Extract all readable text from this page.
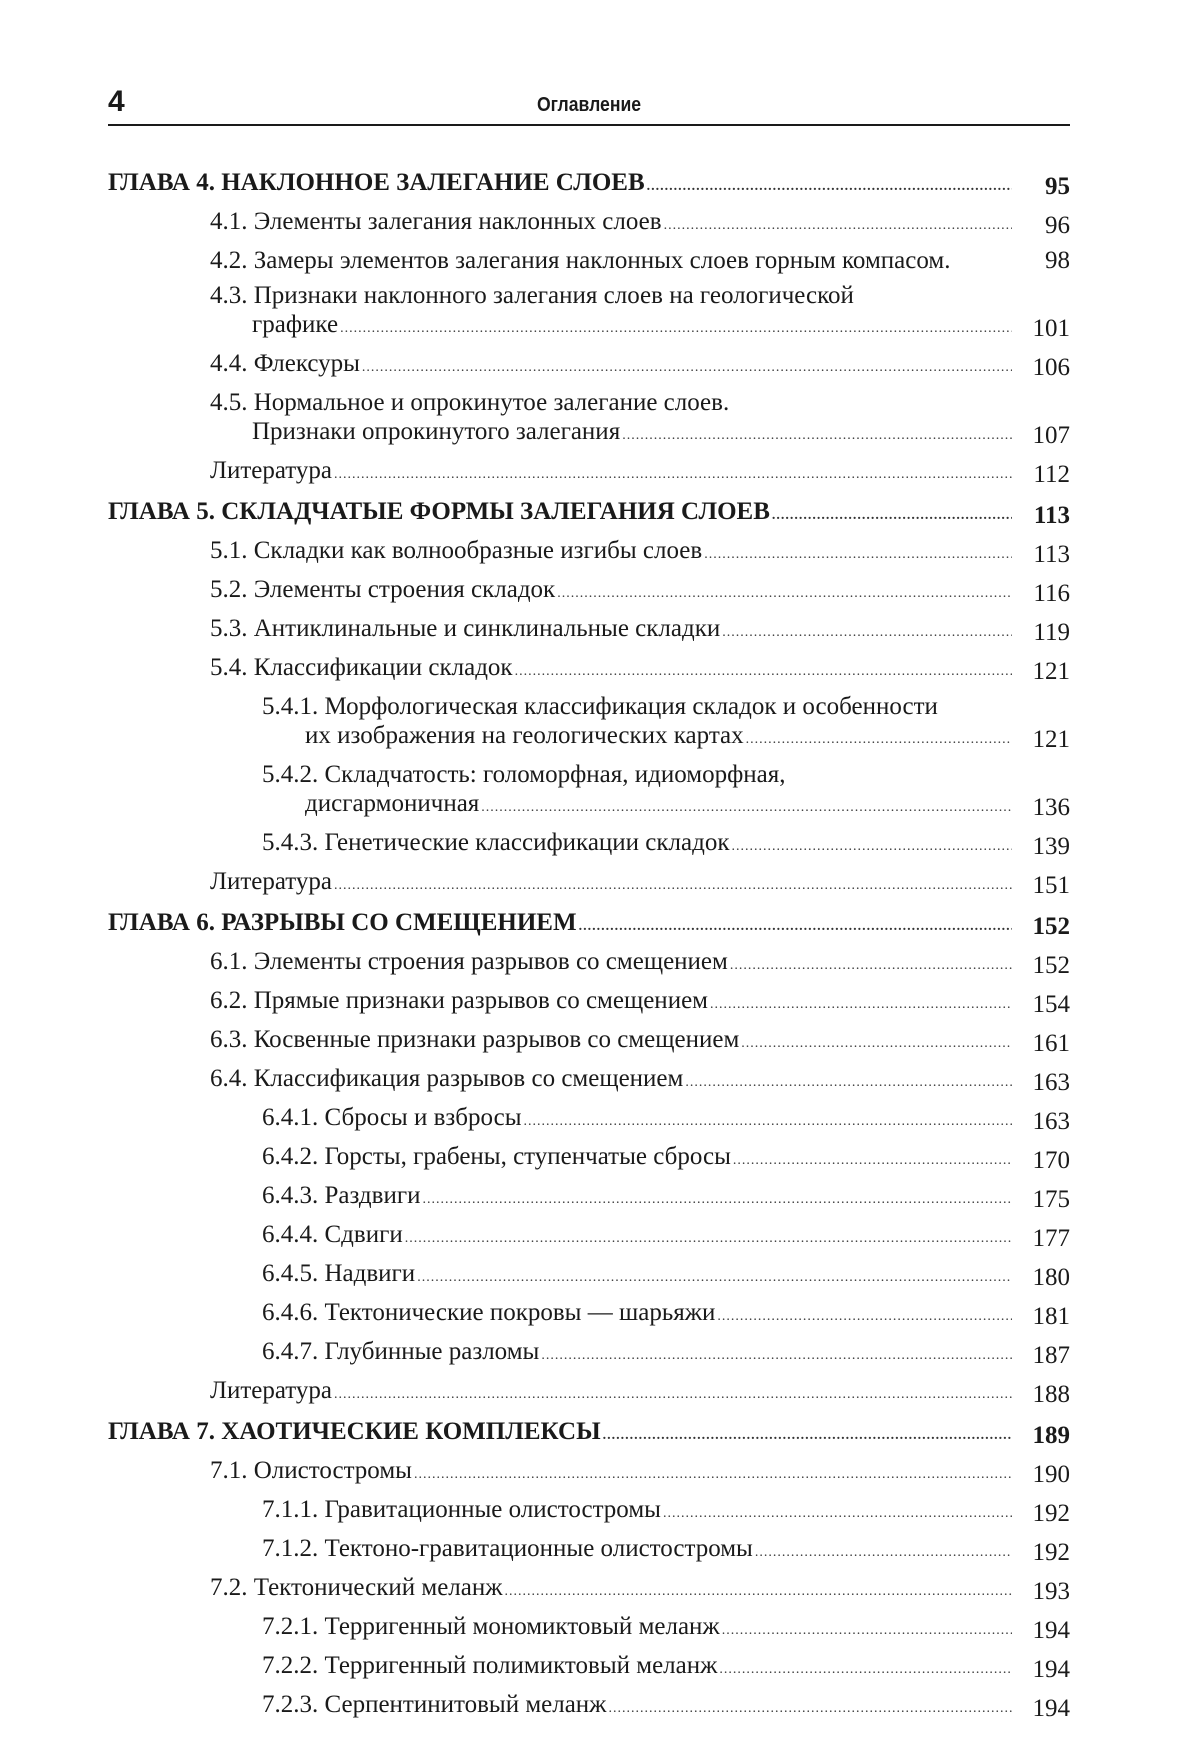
4	Оглавление
ГЛАВА 4. НАКЛОННОЕ ЗАЛЕГАНИЕ СЛОЕВ .....	95
4.1. Элементы залегания наклонных слоев .....	96
4.2. Замеры элементов залегания наклонных слоев горным компасом.	98
4.3. Признаки наклонного залегания слоев на геологической
графике .....	101
4.4. Флексуры .....	106
4.5. Нормальное и опрокинутое залегание слоев.
Признаки опрокинутого залегания .....	107
Литература .....	112
ГЛАВА 5. СКЛАДЧАТЫЕ ФОРМЫ ЗАЛЕГАНИЯ СЛОЕВ .....	113
5.1. Складки как волнообразные изгибы слоев .....	113
5.2. Элементы строения складок .....	116
5.3. Антиклинальные и синклинальные складки .....	119
5.4. Классификации складок .....	121
5.4.1. Морфологическая классификация складок и особенности
их изображения на геологических картах .....	121
5.4.2. Складчатость: голоморфная, идиоморфная,
дисгармоничная .....	136
5.4.3. Генетические классификации складок .....	139
Литература .....	151
ГЛАВА 6. РАЗРЫВЫ СО СМЕЩЕНИЕМ .....	152
6.1. Элементы строения разрывов со смещением .....	152
6.2. Прямые признаки разрывов со смещением .....	154
6.3. Косвенные признаки разрывов со смещением .....	161
6.4. Классификация разрывов со смещением .....	163
6.4.1. Сбросы и взбросы .....	163
6.4.2. Горсты, грабены, ступенчатые сбросы .....	170
6.4.3. Раздвиги .....	175
6.4.4. Сдвиги .....	177
6.4.5. Надвиги .....	180
6.4.6. Тектонические покровы — шарьяжи .....	181
6.4.7. Глубинные разломы .....	187
Литература .....	188
ГЛАВА 7. ХАОТИЧЕСКИЕ КОМПЛЕКСЫ .....	189
7.1. Олистостромы .....	190
7.1.1. Гравитационные олистостромы .....	192
7.1.2. Тектоно-гравитационные олистостромы .....	192
7.2. Тектонический меланж .....	193
7.2.1. Терригенный мономиктовый меланж .....	194
7.2.2. Терригенный полимиктовый меланж .....	194
7.2.3. Серпентинитовый меланж .....	194
